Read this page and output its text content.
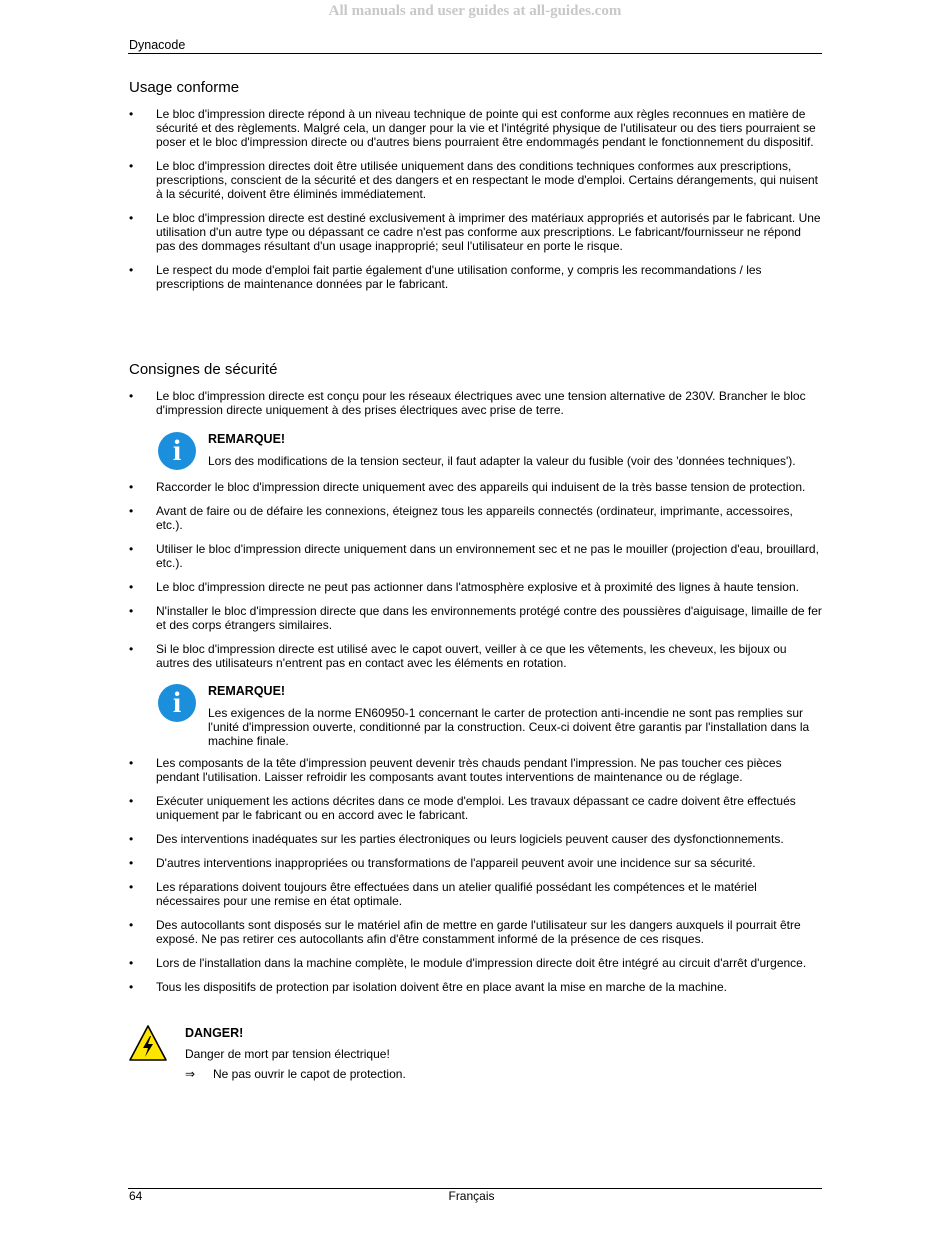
All manuals and user guides at all-guides.com
Dynacode
Usage conforme
• Le bloc d'impression directe répond à un niveau technique de pointe qui est conforme aux règles reconnues en matière de sécurité et des règlements. Malgré cela, un danger pour la vie et l'intégrité physique de l'utilisateur ou des tiers pourraient se poser et le bloc d'impression directe ou d'autres biens pourraient être endommagés pendant le fonctionnement du dispositif.
• Le bloc d'impression directes doit être utilisée uniquement dans des conditions techniques conformes aux prescriptions, prescriptions, conscient de la sécurité et des dangers et en respectant le mode d'emploi. Certains dérangements, qui nuisent à la sécurité, doivent être éliminés immédiatement.
• Le bloc d'impression directe est destiné exclusivement à imprimer des matériaux appropriés et autorisés par le fabricant. Une utilisation d'un autre type ou dépassant ce cadre n'est pas conforme aux prescriptions. Le fabricant/fournisseur ne répond pas des dommages résultant d'un usage inapproprié; seul l'utilisateur en porte le risque.
• Le respect du mode d'emploi fait partie également d'une utilisation conforme, y compris les recommandations / les prescriptions de maintenance données par le fabricant.
Consignes de sécurité
• Le bloc d'impression directe est conçu pour les réseaux électriques avec une tension alternative de 230V. Brancher le bloc d'impression directe uniquement à des prises électriques avec prise de terre.
i	REMARQUE!
Lors des modifications de la tension secteur, il faut adapter la valeur du fusible (voir des 'données techniques').
• Raccorder le bloc d'impression directe uniquement avec des appareils qui induisent de la très basse tension de protection.
• Avant de faire ou de défaire les connexions, éteignez tous les appareils connectés (ordinateur, imprimante, accessoires, etc.).
• Utiliser le bloc d'impression directe uniquement dans un environnement sec et ne pas le mouiller (projection d'eau, brouillard, etc.).
• Le bloc d'impression directe ne peut pas actionner dans l'atmosphère explosive et à proximité des lignes à haute tension.
• N'installer le bloc d'impression directe que dans les environnements protégé contre des poussières d'aiguisage, limaille de fer et des corps étrangers similaires.
• Si le bloc d'impression directe est utilisé avec le capot ouvert, veiller à ce que les vêtements, les cheveux, les bijoux ou autres des utilisateurs n'entrent pas en contact avec les éléments en rotation.
i	REMARQUE!
Les exigences de la norme EN60950-1 concernant le carter de protection anti-incendie ne sont pas remplies sur l'unité d'impression ouverte, conditionné par la construction. Ceux-ci doivent être garantis par l'installation dans la machine finale.
• Les composants de la tête d'impression peuvent devenir très chauds pendant l'impression. Ne pas toucher ces pièces pendant l'utilisation. Laisser refroidir les composants avant toutes interventions de maintenance ou de réglage.
• Exécuter uniquement les actions décrites dans ce mode d'emploi. Les travaux dépassant ce cadre doivent être effectués uniquement par le fabricant ou en accord avec le fabricant.
• Des interventions inadéquates sur les parties électroniques ou leurs logiciels peuvent causer des dysfonctionnements.
• D'autres interventions inappropriées ou transformations de l'appareil peuvent avoir une incidence sur sa sécurité.
• Les réparations doivent toujours être effectuées dans un atelier qualifié possédant les compétences et le matériel nécessaires pour une remise en état optimale.
• Des autocollants sont disposés sur le matériel afin de mettre en garde l'utilisateur sur les dangers auxquels il pourrait être exposé. Ne pas retirer ces autocollants afin d'être constamment informé de la présence de ces risques.
• Lors de l'installation dans la machine complète, le module d'impression directe doit être intégré au circuit d'arrêt d'urgence.
• Tous les dispositifs de protection par isolation doivent être en place avant la mise en marche de la machine.
DANGER!
Danger de mort par tension électrique!
⇒ Ne pas ouvrir le capot de protection.
64	Français
